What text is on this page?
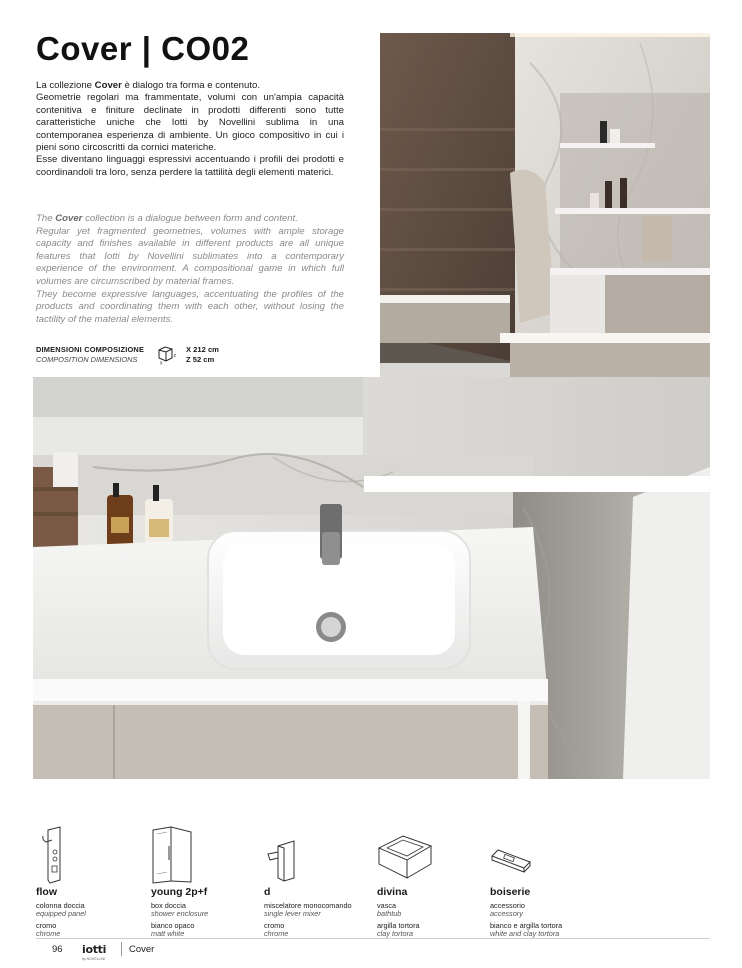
Cover | CO02
La collezione Cover è dialogo tra forma e contenuto.
Geometrie regolari ma frammentate, volumi con un'ampia capacità contenitiva e finiture declinate in prodotti differenti sono tutte caratteristiche uniche che Iotti by Novellini sublima in una contemporanea esperienza di ambiente. Un gioco compositivo in cui i pieni sono circoscritti da cornici materiche.
Esse diventano linguaggi espressivi accentuando i profili dei prodotti e coordinandoli tra loro, senza perdere la tattilità degli elementi materici.
The Cover collection is a dialogue between form and content.
Regular yet fragmented geometries, volumes with ample storage capacity and finishes available in different products are all unique features that Iotti by Novellini sublimates into a contemporary experience of the environment. A compositional game in which full volumes are circumscribed by material frames.
They become expressive languages, accentuating the profiles of the products and coordinating them with each other, without losing the tactility of the material elements.
DIMENSIONI COMPOSIZIONE
COMPOSITION DIMENSIONS	x
z
X 212 cm
Z 52 cm
flow
colonna doccia
equipped panel
cromo
chrome
young 2p+f
box doccia
shower enclosure
bianco opaco
matt white
d
miscelatore monocomando
single lever mixer
cromo
chrome
divina
vasca
bathtub
argilla tortora
clay tortora
boiserie
accessorio
accessory
bianco e argilla tortora
white and clay tortora
96 iotti
by NOVELLINI
Cover
